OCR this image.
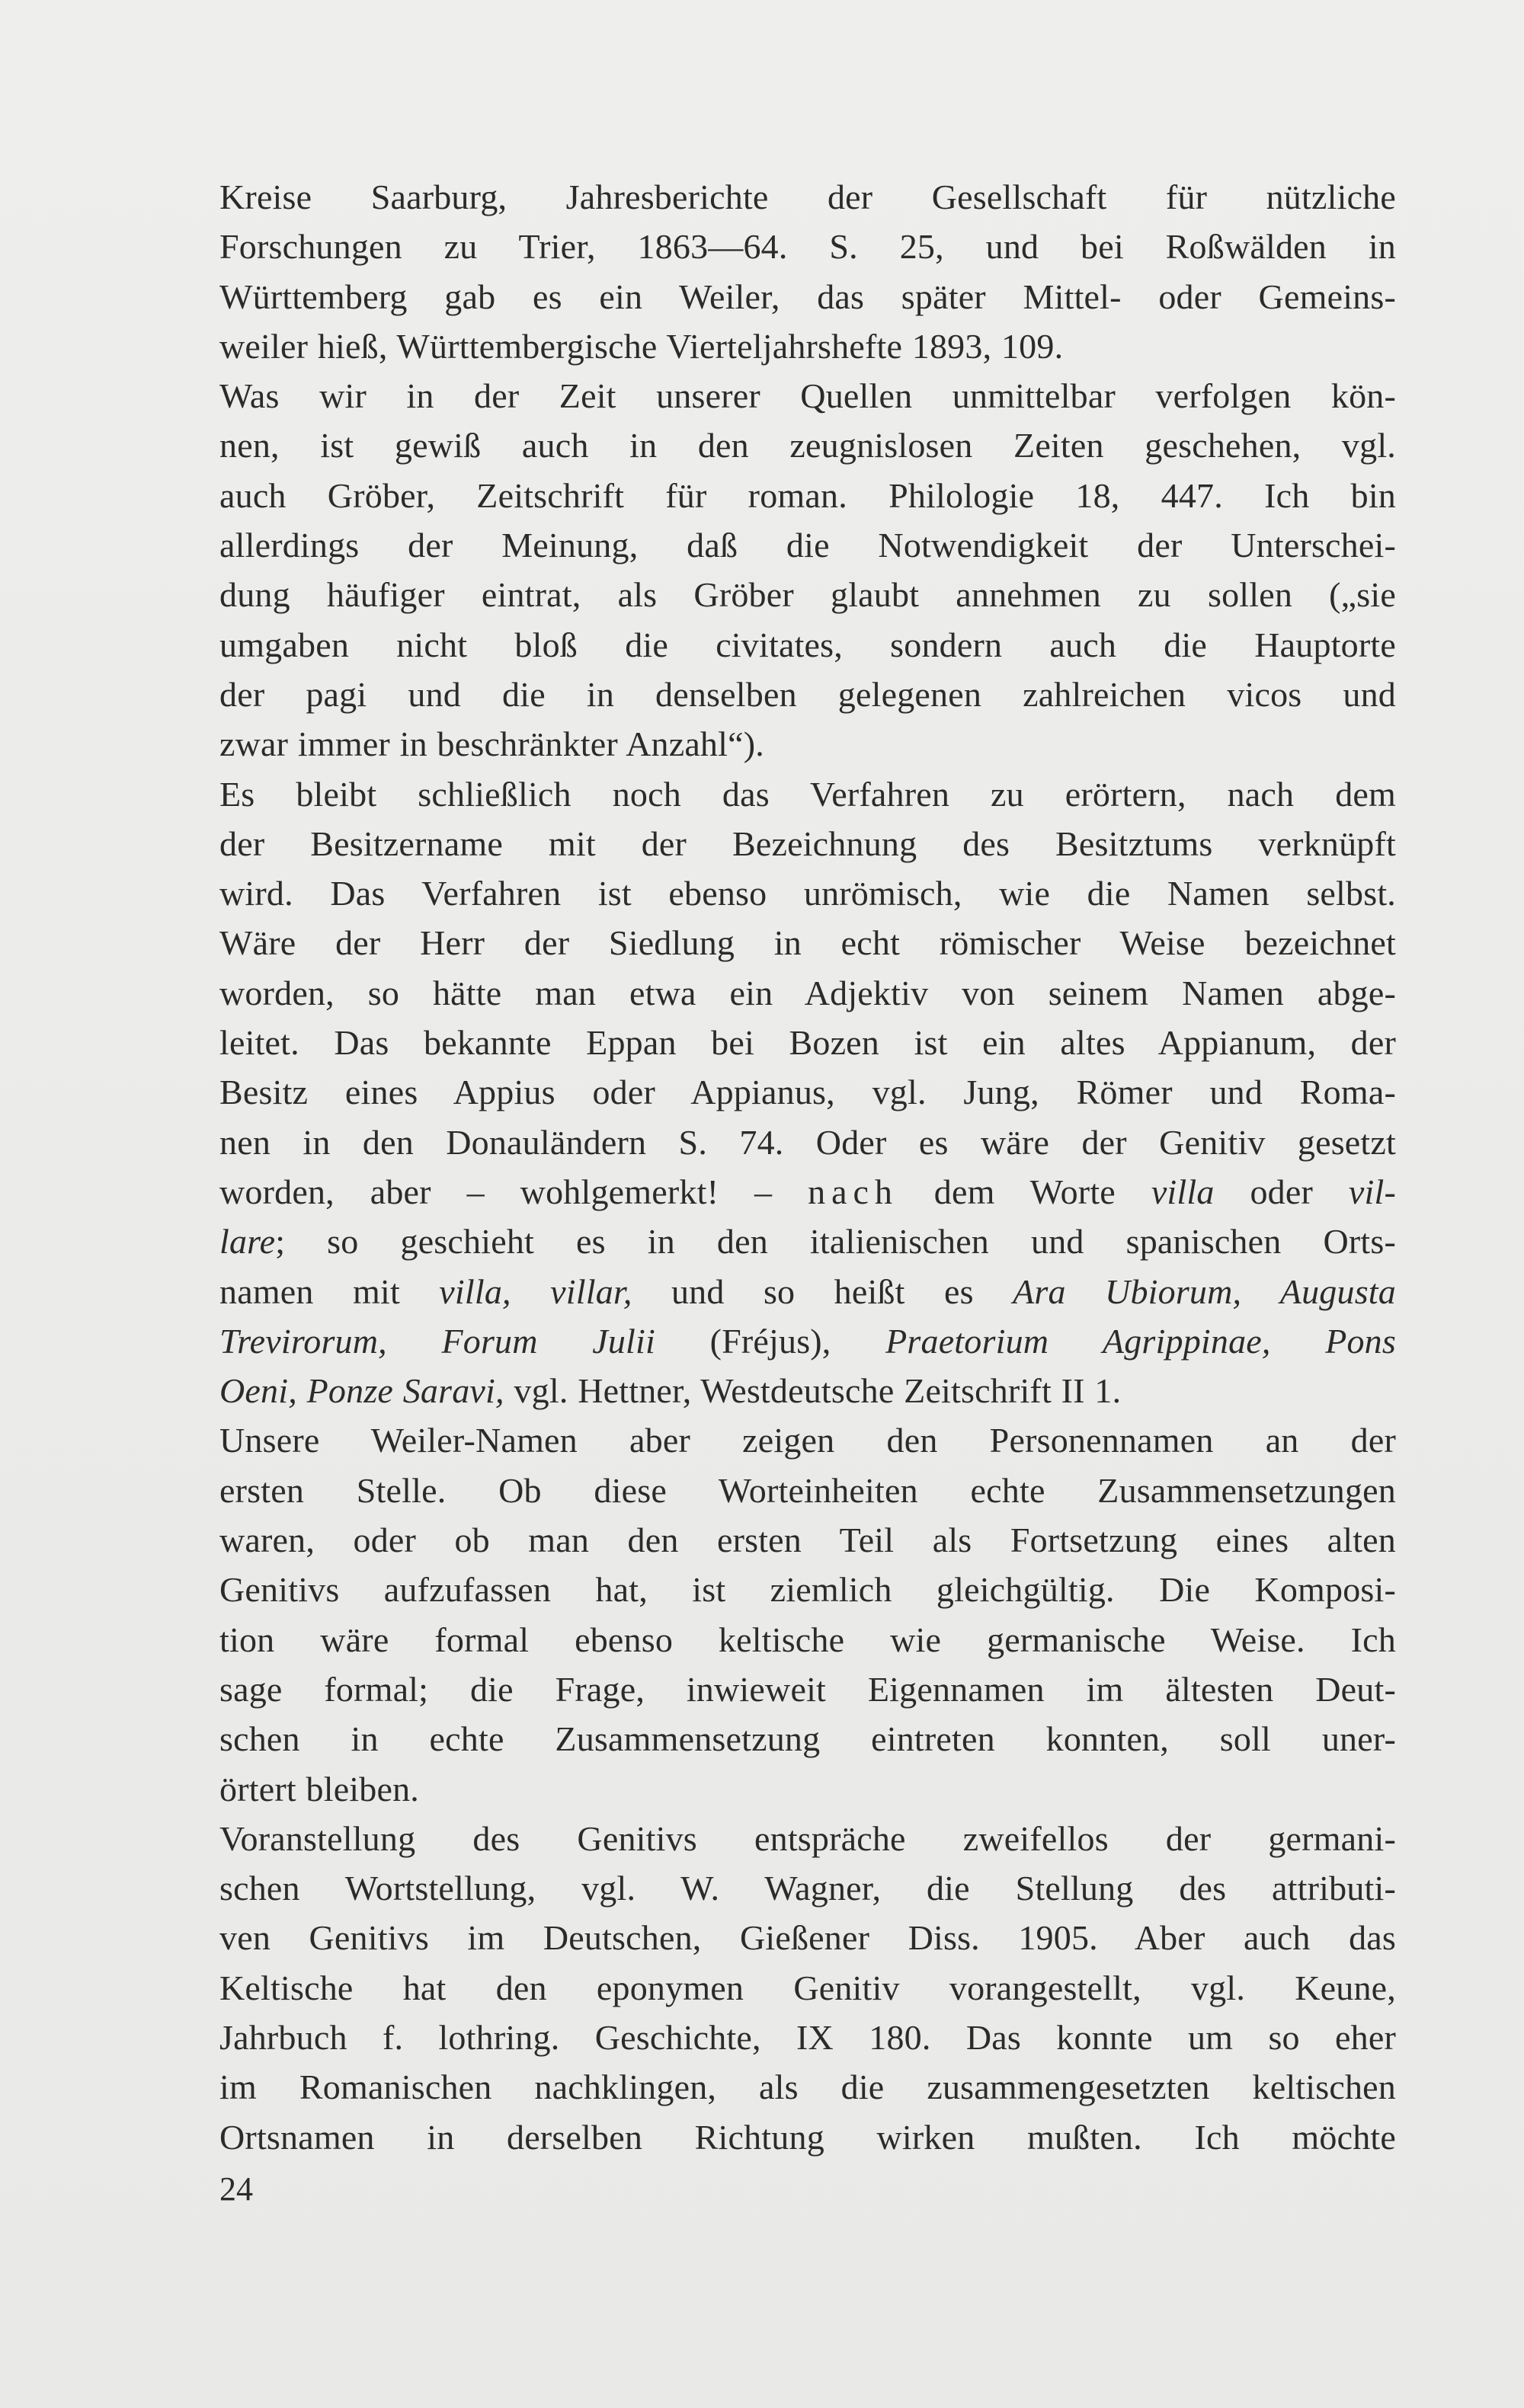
Kreise Saarburg, Jahresberichte der Gesellschaft für nützliche
Forschungen zu Trier, 1863—64. S. 25, und bei Roßwälden in
Württemberg gab es ein Weiler, das später Mittel- oder Gemeins-
weiler hieß, Württembergische Vierteljahrshefte 1893, 109.
Was wir in der Zeit unserer Quellen unmittelbar verfolgen kön-
nen, ist gewiß auch in den zeugnislosen Zeiten geschehen, vgl.
auch Gröber, Zeitschrift für roman. Philologie 18, 447. Ich bin
allerdings der Meinung, daß die Notwendigkeit der Unterschei-
dung häufiger eintrat, als Gröber glaubt annehmen zu sollen („sie
umgaben nicht bloß die civitates, sondern auch die Hauptorte
der pagi und die in denselben gelegenen zahlreichen vicos und
zwar immer in beschränkter Anzahl“).
Es bleibt schließlich noch das Verfahren zu erörtern, nach dem
der Besitzername mit der Bezeichnung des Besitztums verknüpft
wird. Das Verfahren ist ebenso unrömisch, wie die Namen selbst.
Wäre der Herr der Siedlung in echt römischer Weise bezeichnet
worden, so hätte man etwa ein Adjektiv von seinem Namen abge-
leitet. Das bekannte Eppan bei Bozen ist ein altes Appianum, der
Besitz eines Appius oder Appianus, vgl. Jung, Römer und Roma-
nen in den Donauländern S. 74. Oder es wäre der Genitiv gesetzt
worden, aber – wohlgemerkt! – nach dem Worte villa oder vil-
lare; so geschieht es in den italienischen und spanischen Orts-
namen mit villa, villar, und so heißt es Ara Ubiorum, Augusta
Trevirorum, Forum Julii (Fréjus), Praetorium Agrippinae, Pons
Oeni, Ponze Saravi, vgl. Hettner, Westdeutsche Zeitschrift II 1.
Unsere Weiler-Namen aber zeigen den Personennamen an der
ersten Stelle. Ob diese Worteinheiten echte Zusammensetzungen
waren, oder ob man den ersten Teil als Fortsetzung eines alten
Genitivs aufzufassen hat, ist ziemlich gleichgültig. Die Komposi-
tion wäre formal ebenso keltische wie germanische Weise. Ich
sage formal; die Frage, inwieweit Eigennamen im ältesten Deut-
schen in echte Zusammensetzung eintreten konnten, soll uner-
örtert bleiben.
Voranstellung des Genitivs entspräche zweifellos der germani-
schen Wortstellung, vgl. W. Wagner, die Stellung des attributi-
ven Genitivs im Deutschen, Gießener Diss. 1905. Aber auch das
Keltische hat den eponymen Genitiv vorangestellt, vgl. Keune,
Jahrbuch f. lothring. Geschichte, IX 180. Das konnte um so eher
im Romanischen nachklingen, als die zusammengesetzten keltischen
Ortsnamen in derselben Richtung wirken mußten. Ich möchte
24
